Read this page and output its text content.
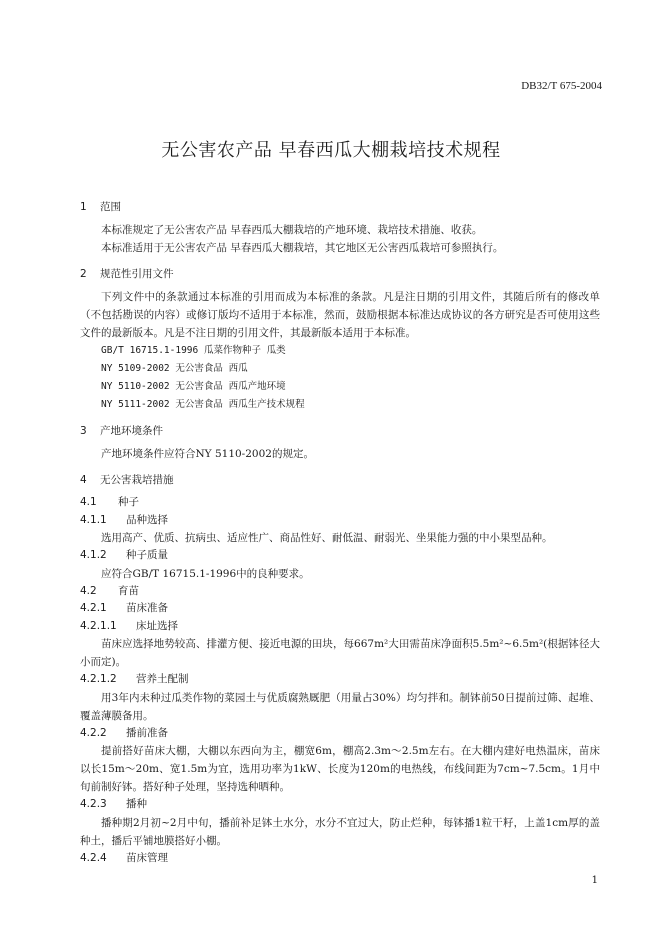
DB32/T 675-2004
无公害农产品 早春西瓜大棚栽培技术规程
1 范围
本标准规定了无公害农产品 早春西瓜大棚栽培的产地环境、栽培技术措施、收获。
本标准适用于无公害农产品 早春西瓜大棚栽培，其它地区无公害西瓜栽培可参照执行。
2 规范性引用文件
下列文件中的条款通过本标准的引用而成为本标准的条款。凡是注日期的引用文件，其随后所有的修改单（不包括勘误的内容）或修订版均不适用于本标准，然而，鼓励根据本标准达成协议的各方研究是否可使用这些文件的最新版本。凡是不注日期的引用文件，其最新版本适用于本标准。
GB/T 16715.1-1996 瓜菜作物种子 瓜类
NY 5109-2002 无公害食品 西瓜
NY 5110-2002 无公害食品 西瓜产地环境
NY 5111-2002 无公害食品 西瓜生产技术规程
3 产地环境条件
产地环境条件应符合NY 5110-2002的规定。
4 无公害栽培措施
4.1 种子
4.1.1 品种选择
选用高产、优质、抗病虫、适应性广、商品性好、耐低温、耐弱光、坐果能力强的中小果型品种。
4.1.2 种子质量
应符合GB/T 16715.1-1996中的良种要求。
4.2 育苗
4.2.1 苗床准备
4.2.1.1 床址选择
苗床应选择地势较高、排灌方便、接近电源的田块，每667m²大田需苗床净面积5.5m²~6.5m²(根据钵径大小而定)。
4.2.1.2 营养土配制
用3年内未种过瓜类作物的菜园土与优质腐熟厩肥（用量占30%）均匀拌和。制钵前50日提前过筛、起堆、覆盖薄膜备用。
4.2.2 播前准备
提前搭好苗床大棚，大棚以东西向为主，棚宽6m，棚高2.3m～2.5m左右。在大棚内建好电热温床，苗床以长15m～20m、宽1.5m为宜，选用功率为1kW、长度为120m的电热线，布线间距为7cm~7.5cm。1月中旬前制好钵。搭好种子处理，坚持选种晒种。
4.2.3 播种
播种期2月初~2月中旬，播前补足钵土水分，水分不宜过大，防止烂种，每钵播1粒干籽，上盖1cm厚的盖种土，播后平铺地膜搭好小棚。
4.2.4 苗床管理
1
